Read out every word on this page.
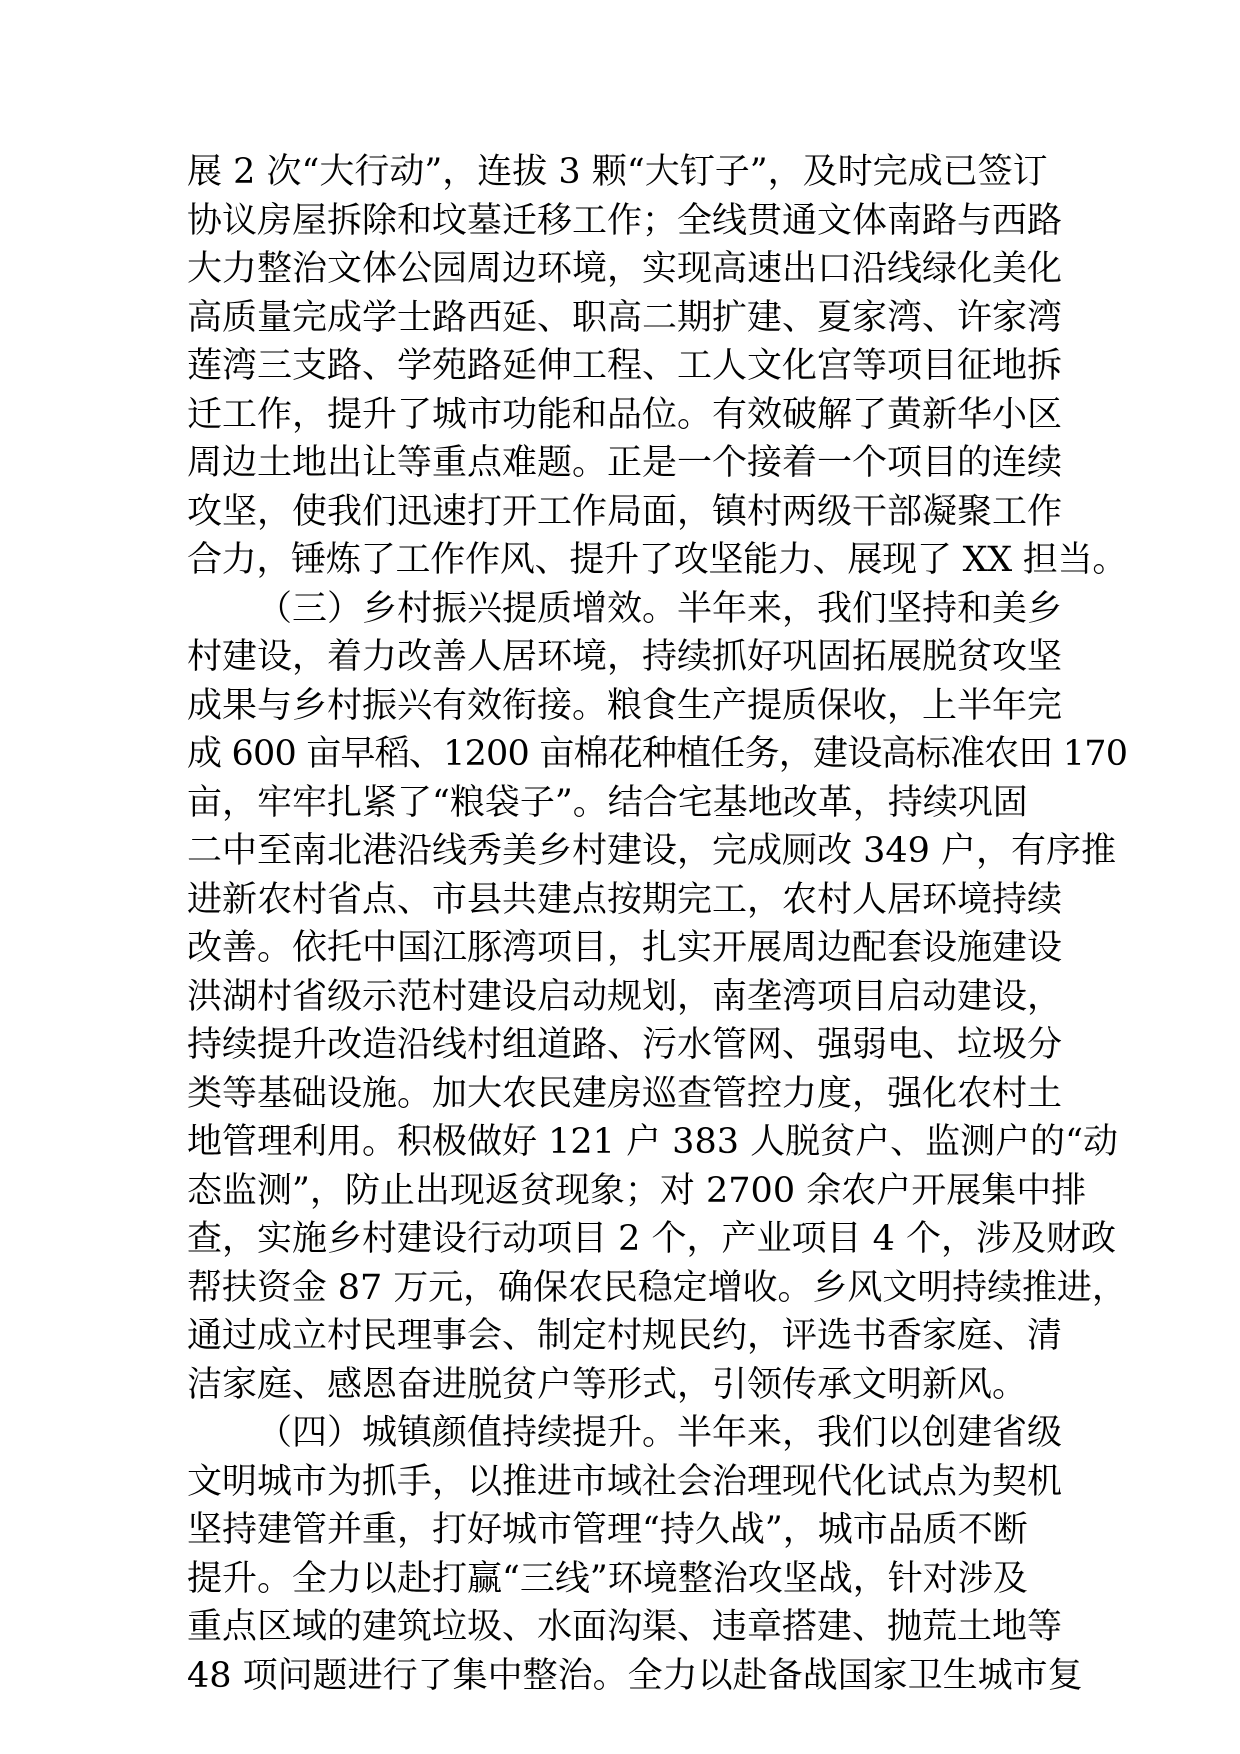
展 2 次“大行动”，连拔 3 颗“大钉子”，及时完成已签订
协议房屋拆除和坟墓迁移工作；全线贯通文体南路与西路
大力整治文体公园周边环境，实现高速出口沿线绿化美化
高质量完成学士路西延、职高二期扩建、夏家湾、许家湾
莲湾三支路、学苑路延伸工程、工人文化宫等项目征地拆
迁工作，提升了城市功能和品位。有效破解了黄新华小区
周边土地出让等重点难题。正是一个接着一个项目的连续
攻坚，使我们迅速打开工作局面，镇村两级干部凝聚工作
合力，锤炼了工作作风、提升了攻坚能力、展现了 XX 担当。
（三）乡村振兴提质增效。半年来，我们坚持和美乡
村建设，着力改善人居环境，持续抓好巩固拓展脱贫攻坚
成果与乡村振兴有效衔接。粮食生产提质保收，上半年完
成 600 亩早稻、1200 亩棉花种植任务，建设高标准农田 170
亩，牢牢扎紧了“粮袋子”。结合宅基地改革，持续巩固
二中至南北港沿线秀美乡村建设，完成厕改 349 户，有序推
进新农村省点、市县共建点按期完工，农村人居环境持续
改善。依托中国江豚湾项目，扎实开展周边配套设施建设
洪湖村省级示范村建设启动规划，南垄湾项目启动建设，
持续提升改造沿线村组道路、污水管网、强弱电、垃圾分
类等基础设施。加大农民建房巡查管控力度，强化农村土
地管理利用。积极做好 121 户 383 人脱贫户、监测户的“动
态监测”，防止出现返贫现象；对 2700 余农户开展集中排
查，实施乡村建设行动项目 2 个，产业项目 4 个，涉及财政
帮扶资金 87 万元，确保农民稳定增收。乡风文明持续推进，
通过成立村民理事会、制定村规民约，评选书香家庭、清
洁家庭、感恩奋进脱贫户等形式，引领传承文明新风。
（四）城镇颜值持续提升。半年来，我们以创建省级
文明城市为抓手，以推进市域社会治理现代化试点为契机
坚持建管并重，打好城市管理“持久战”，城市品质不断
提升。全力以赴打赢“三线”环境整治攻坚战，针对涉及
重点区域的建筑垃圾、水面沟渠、违章搭建、抛荒土地等
48 项问题进行了集中整治。全力以赴备战国家卫生城市复
